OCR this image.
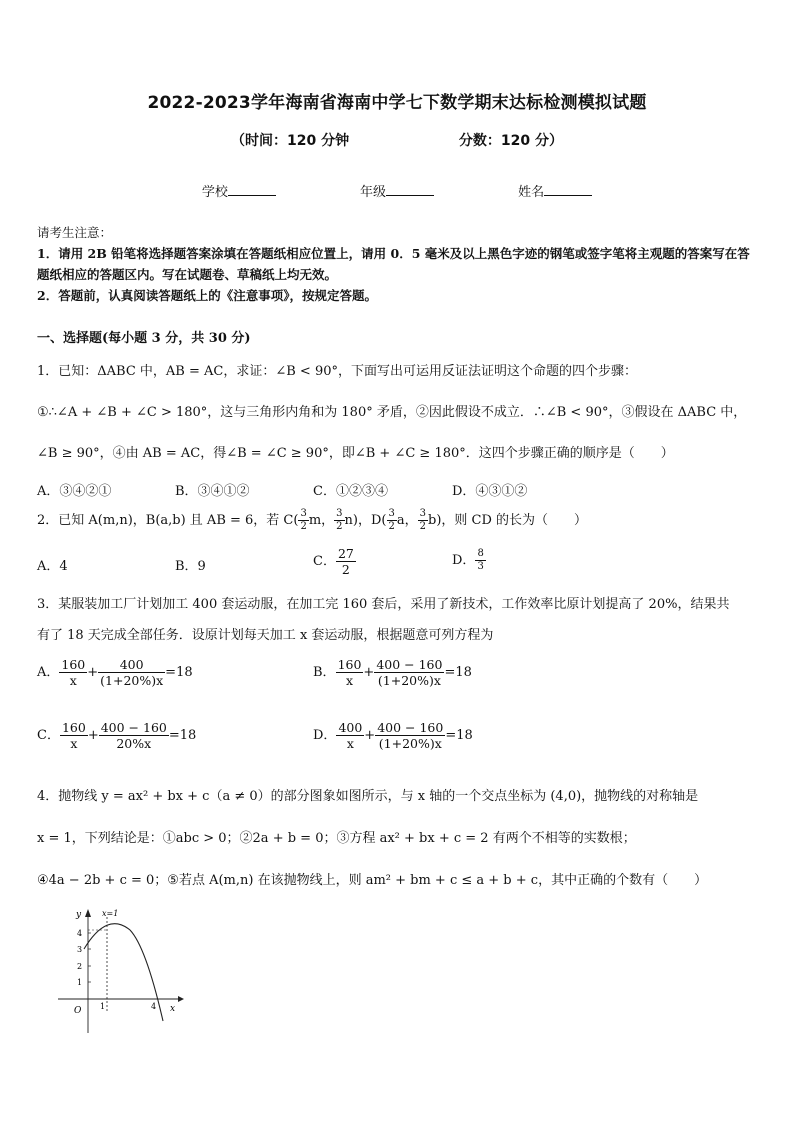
2022-2023学年海南省海南中学七下数学期末达标检测模拟试题
（时间：120 分钟	分数：120 分）
学校	年级	姓名
请考生注意：
1．请用 2B 铅笔将选择题答案涂填在答题纸相应位置上，请用 0．5 毫米及以上黑色字迹的钢笔或签字笔将主观题的答案写在答题纸相应的答题区内。写在试题卷、草稿纸上均无效。
2．答题前，认真阅读答题纸上的《注意事项》，按规定答题。
一、选择题(每小题 3 分，共 30 分)
1．已知：ΔABC 中，AB = AC，求证：∠B < 90°，下面写出可运用反证法证明这个命题的四个步骤：
①∴∠A + ∠B + ∠C > 180°，这与三角形内角和为 180° 矛盾，②因此假设不成立．∴∠B < 90°，③假设在 ΔABC 中，
∠B ≥ 90°，④由 AB = AC，得∠B = ∠C ≥ 90°，即∠B + ∠C ≥ 180°．这四个步骤正确的顺序是（　　）
A．③④②①	B．③④①②	C．①②③④	D．④③①②
2．已知 A(m,n)，B(a,b) 且 AB = 6，若 $C( \frac{3}{2}$ m， $\frac{3}{2} n$)，$D( \frac{3}{2}$ a， $\frac{3}{2} b$)，则 CD 的长为（　　）
A．4	B．9	C． $\frac{27}{2}$	D． $\frac{8}{3}$
3．某服装加工厂计划加工 400 套运动服，在加工完 160 套后，采用了新技术，工作效率比原计划提高了 20%，结果共
有了 18 天完成全部任务．设原计划每天加工 x 套运动服，根据题意可列方程为
A． $\frac{160}{x} + \frac{400}{(1+20\%)x} =18$	B． $\frac{160}{x} + \frac{400 - 160}{(1+20\%)x} =18$
C． $\frac{160}{x} + \frac{400 - 160}{20\%x} =18$	D． $\frac{400}{x} + \frac{400 - 160}{(1+20\%)x} =18$
4．抛物线 y = ax² + bx + c（a ≠ 0）的部分图象如图所示，与 x 轴的一个交点坐标为 (4,0)，抛物线的对称轴是
x = 1，下列结论是：①abc > 0；②2a + b = 0；③方程 ax² + bx + c = 2 有两个不相等的实数根；
④4a − 2b + c = 0；⑤若点 A(m,n) 在该抛物线上，则 am² + bm + c ≤ a + b + c，其中正确的个数有（　　）
y
x
x=1
O
4
3
2
1
1	4
